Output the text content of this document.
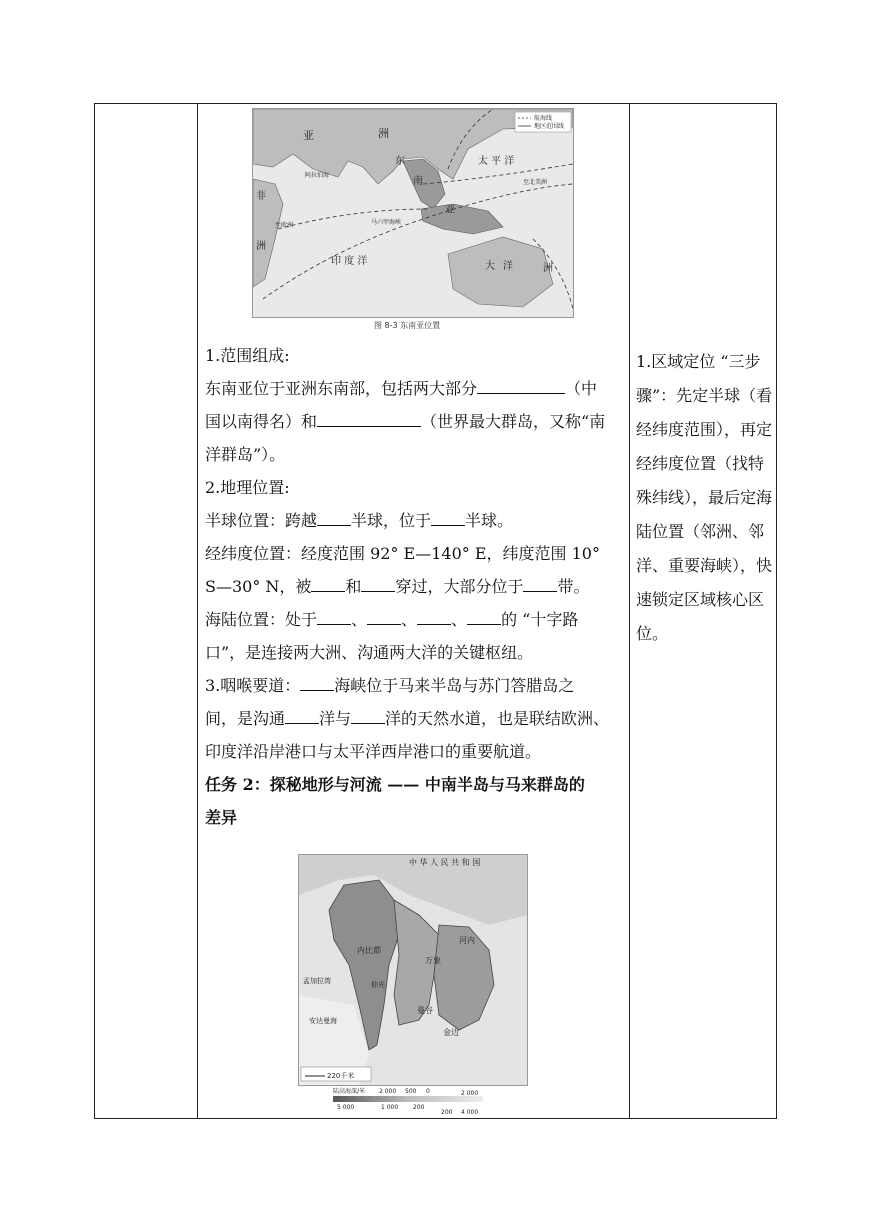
航海线
地区范围线
亚	洲
东
南
亚
太 平 洋
非
洲
印 度 洋	大 洋	洲
马六甲海峡
阿拉伯海
至北美洲
至欧洲
图 8-3 东南亚位置

1.范围组成:

东南亚位于亚洲东南部，包括两大部分	（中

国以南得名）和	（世界最大群岛，又称“南

洋群岛”）。

2.地理位置:

半球位置：跨越 半球，位于 半球。

经纬度位置：经度范围 92° E—140° E，纬度范围 10°

S—30° N，被 和 穿过，大部分位于 带。

海陆位置：处于 、 、 、 的 “十字路

口”，是连接两大洲、沟通两大洋的关键枢纽。

3.咽喉要道： 海峡位于马来半岛与苏门答腊岛之

间，是沟通 洋与 洋的天然水道，也是联结欧洲、

印度洋沿岸港口与太平洋西岸港口的重要航道。

任务 2：探秘地形与河流 —— 中南半岛与马来群岛的

差异

中 华 人 民 共 和 国
内比都
河内
万象
曼谷
金边
仰光
安达曼海
孟加拉湾
220千米
陆高海深/米 2 000 500 0	2 000
5 000	1 000 200
200 4 000
1.区域定位 “三步骤”：先定半球（看经纬度范围），再定经纬度位置（找特殊纬线），最后定海陆位置（邻洲、邻洋、重要海峡），快速锁定区域核心区位。
